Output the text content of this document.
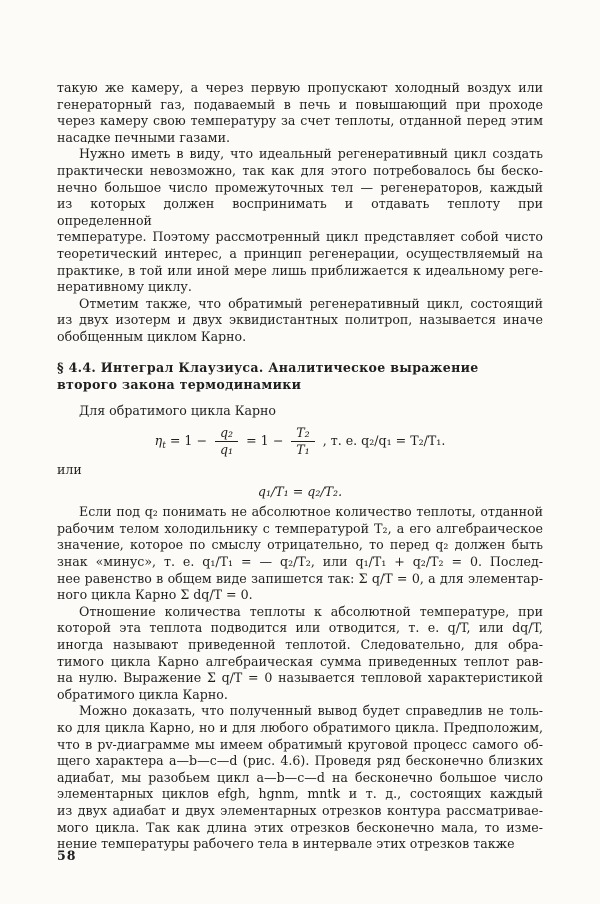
такую же камеру, а через первую пропускают холодный воздух или
генераторный газ, подаваемый в печь и повышающий при проходе
через камеру свою температуру за счет теплоты, отданной перед этим
насадке печными газами.
Нужно иметь в виду, что идеальный регенеративный цикл создать
практически невозможно, так как для этого потребовалось бы беско-
нечно большое число промежуточных тел — регенераторов, каждый
из которых должен воспринимать и отдавать теплоту при определенной
температуре. Поэтому рассмотренный цикл представляет собой чисто
теоретический интерес, а принцип регенерации, осуществляемый на
практике, в той или иной мере лишь приближается к идеальному реге-
неративному циклу.
Отметим также, что обратимый регенеративный цикл, состоящий
из двух изотерм и двух эквидистантных политроп, называется иначе
обобщенным циклом Карно.
§ 4.4. Интеграл Клаузиуса. Аналитическое выражение
второго закона термодинамики
Для обратимого цикла Карно
$\eta_t = 1 - \frac{\text{q₂}}{\text{q₁}} = 1 - \frac{\text{T₂}}{\text{T₁}}$ , т. е. q₂/q₁ = T₂/T₁.
или
q₁/T₁ = q₂/T₂.
Если под q₂ понимать не абсолютное количество теплоты, отданной
рабочим телом холодильнику с температурой T₂, а его алгебраическое
значение, которое по смыслу отрицательно, то перед q₂ должен быть
знак «минус», т. е. q₁/T₁ = — q₂/T₂, или q₁/T₁ + q₂/T₂ = 0. Послед-
нее равенство в общем виде запишется так: Σ q/T = 0, а для элементар-
ного цикла Карно Σ dq/T = 0.
Отношение количества теплоты к абсолютной температуре, при
которой эта теплота подводится или отводится, т. е. q/T, или dq/T,
иногда называют приведенной теплотой. Следовательно, для обра-
тимого цикла Карно алгебраическая сумма приведенных теплот рав-
на нулю. Выражение Σ q/T = 0 называется тепловой характеристикой
обратимого цикла Карно.
Можно доказать, что полученный вывод будет справедлив не толь-
ко для цикла Карно, но и для любого обратимого цикла. Предположим,
что в pv-диаграмме мы имеем обратимый круговой процесс самого об-
щего характера a—b—c—d (рис. 4.6). Проведя ряд бесконечно близких
адиабат, мы разобьем цикл a—b—c—d на бесконечно большое число
элементарных циклов efgh, hgnm, mntk и т. д., состоящих каждый
из двух адиабат и двух элементарных отрезков контура рассматривае-
мого цикла. Так как длина этих отрезков бесконечно мала, то изме-
нение температуры рабочего тела в интервале этих отрезков также
58
